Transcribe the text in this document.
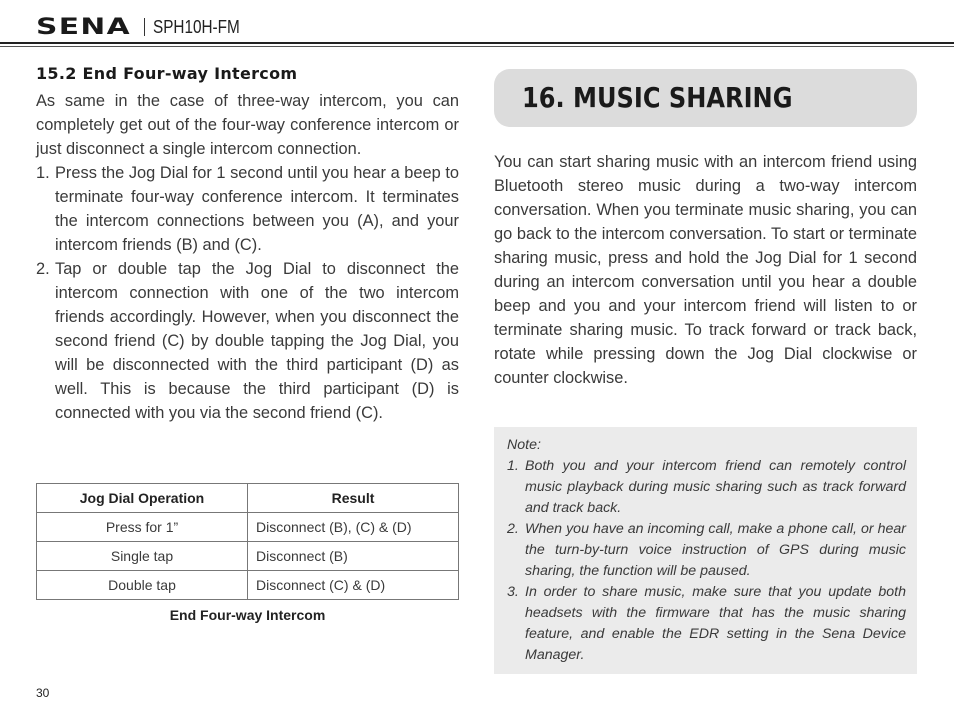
SENA	SPH10H-FM
15.2 End Four-way Intercom

As same in the case of three-way intercom, you can completely get out of the four-way conference intercom or just disconnect a single intercom connection.

1. Press the Jog Dial for 1 second until you hear a beep to terminate four-way conference intercom. It terminates the intercom connections between you (A), and your intercom friends (B) and (C).
2. Tap or double tap the Jog Dial to disconnect the intercom connection with one of the two intercom friends accordingly. However, when you disconnect the second friend (C) by double tapping the Jog Dial, you will be disconnected with the third participant (D) as well. This is because the third participant (D) is connected with you via the second friend (C).
Jog Dial Operation	Result
Press for 1”	Disconnect (B), (C) & (D)
Single tap	Disconnect (B)
Double tap	Disconnect (C) & (D)
End Four-way Intercom
30
16. MUSIC SHARING

You can start sharing music with an intercom friend using Bluetooth stereo music during a two-way intercom conversation. When you terminate music sharing, you can go back to the intercom conversation. To start or terminate sharing music, press and hold the Jog Dial for 1 second during an intercom conversation until you hear a double beep and you and your intercom friend will listen to or terminate sharing music. To track forward or track back, rotate while pressing down the Jog Dial clockwise or counter clockwise.

Note:
1. Both you and your intercom friend can remotely control music playback during music sharing such as track forward and track back.
2. When you have an incoming call, make a phone call, or hear the turn-by-turn voice instruction of GPS during music sharing, the function will be paused.
3. In order to share music, make sure that you update both headsets with the firmware that has the music sharing feature, and enable the EDR setting in the Sena Device Manager.
